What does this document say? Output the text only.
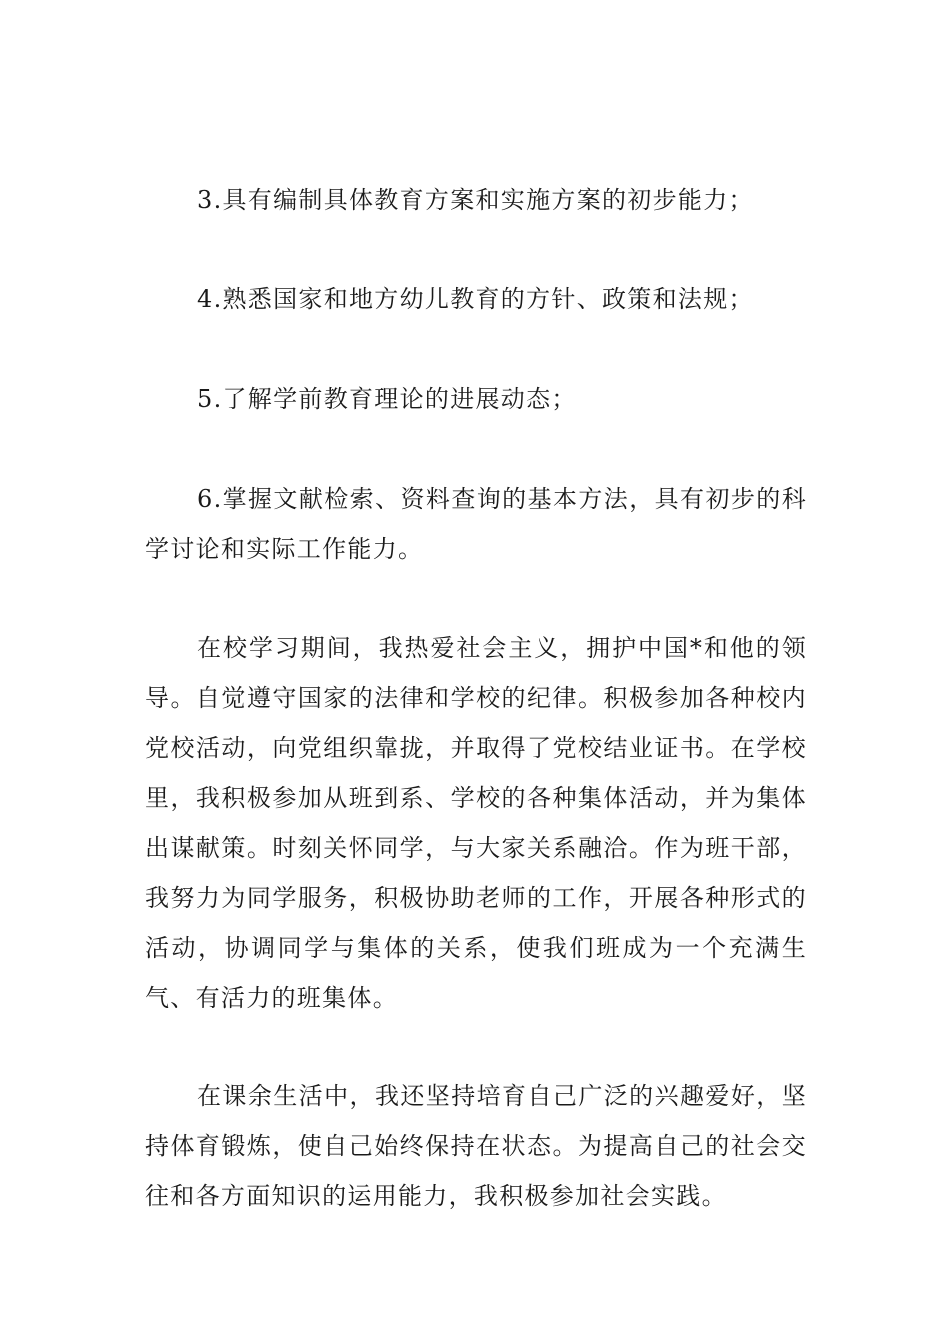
3.具有编制具体教育方案和实施方案的初步能力；

4.熟悉国家和地方幼儿教育的方针、政策和法规；

5.了解学前教育理论的进展动态；

6.掌握文献检索、资料查询的基本方法，具有初步的科学讨论和实际工作能力。

在校学习期间，我热爱社会主义，拥护中国*和他的领导。自觉遵守国家的法律和学校的纪律。积极参加各种校内党校活动，向党组织靠拢，并取得了党校结业证书。在学校里，我积极参加从班到系、学校的各种集体活动，并为集体出谋献策。时刻关怀同学，与大家关系融洽。作为班干部，我努力为同学服务，积极协助老师的工作，开展各种形式的活动，协调同学与集体的关系，使我们班成为一个充满生气、有活力的班集体。

在课余生活中，我还坚持培育自己广泛的兴趣爱好，坚持体育锻炼，使自己始终保持在状态。为提高自己的社会交往和各方面知识的运用能力，我积极参加社会实践。
